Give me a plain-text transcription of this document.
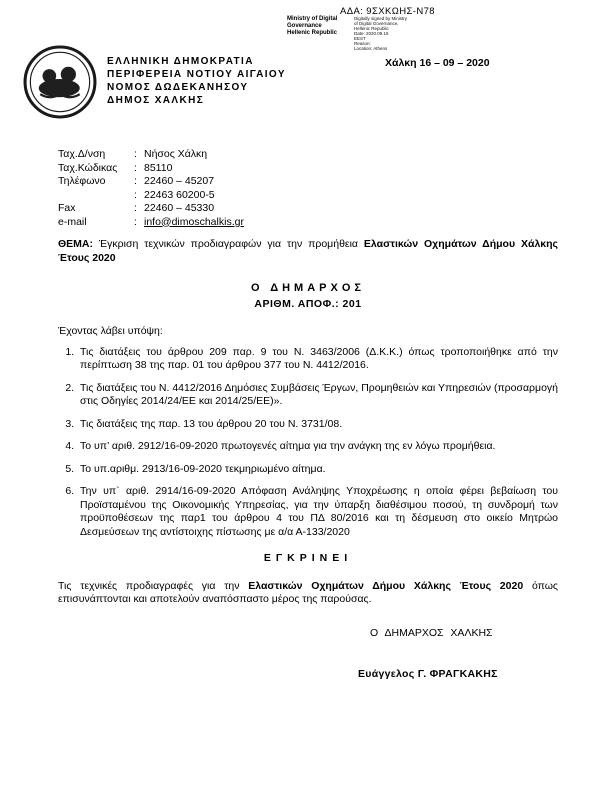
ΑΔΑ: 9ΣΧΚΩΗΣ-Ν78
Ministry of Digital
Governance
Hellenic Republic
Digitally signed by Ministry
of Digital Governance,
Hellenic Republic
Date: 2020.09.16
EEST
Reason:
Location: Athens
ΕΛΛΗΝΙΚΗ ΔΗΜΟΚΡΑΤΙΑ
ΠΕΡΙΦΕΡΕΙΑ ΝΟΤΙΟΥ ΑΙΓΑΙΟΥ
ΝΟΜΟΣ ΔΩΔΕΚΑΝΗΣΟΥ
ΔΗΜΟΣ ΧΑΛΚΗΣ
Χάλκη 16 – 09 – 2020
Ταχ.Δ/νση	: Νήσος Χάλκη
Ταχ.Κώδικας : 85110
Τηλέφωνο	: 22460 – 45207
: 22463 60200-5
Fax	: 22460 – 45330
e-mail	: info@dimoschalkis.gr

ΘΕΜΑ: Έγκριση τεχνικών προδιαγραφών για την προμήθεια Ελαστικών Οχημάτων Δήμου Χάλκης Έτους 2020

Ο ΔΗΜΑΡΧΟΣ
ΑΡΙΘΜ. ΑΠΟΦ.: 201

Έχοντας λάβει υπόψη:

1. Τις διατάξεις του άρθρου 209 παρ. 9 του Ν. 3463/2006 (Δ.Κ.Κ.) όπως τροποποιήθηκε από την περίπτωση 38 της παρ. 01 του άρθρου 377 του Ν. 4412/2016.
2. Τις διατάξεις του Ν. 4412/2016 Δημόσιες Συμβάσεις Έργων, Προμηθειών και Υπηρεσιών (προσαρμογή στις Οδηγίες 2014/24/ΕΕ και 2014/25/ΕΕ)».
3. Τις διατάξεις της παρ. 13 του άρθρου 20 του Ν. 3731/08.
4. Το υπ’ αριθ. 2912/16-09-2020 πρωτογενές αίτημα για την ανάγκη της εν λόγω προμήθεια.
5. Το υπ.αριθμ. 2913/16-09-2020 τεκμηριωμένο αίτημα.
6. Την υπ` αριθ. 2914/16-09-2020 Απόφαση Ανάληψης Υποχρέωσης η οποία φέρει βεβαίωση του Προϊσταμένου της Οικονομικής Υπηρεσίας, για την ύπαρξη διαθέσιμου ποσού, τη συνδρομή των προϋποθέσεων της παρ1 του άρθρου 4 του ΠΔ 80/2016 και τη δέσμευση στο οικείο Μητρώο Δεσμεύσεων της αντίστοιχης πίστωσης με α/α Α-133/2020
ΕΓΚΡΙΝΕΙ

Τις τεχνικές προδιαγραφές για την Ελαστικών Οχημάτων Δήμου Χάλκης Έτους 2020 όπως επισυνάπτονται και αποτελούν αναπόσπαστο μέρος της παρούσας.

Ο ΔΗΜΑΡΧΟΣ ΧΑΛΚΗΣ
Ευάγγελος Γ. ΦΡΑΓΚΑΚΗΣ
